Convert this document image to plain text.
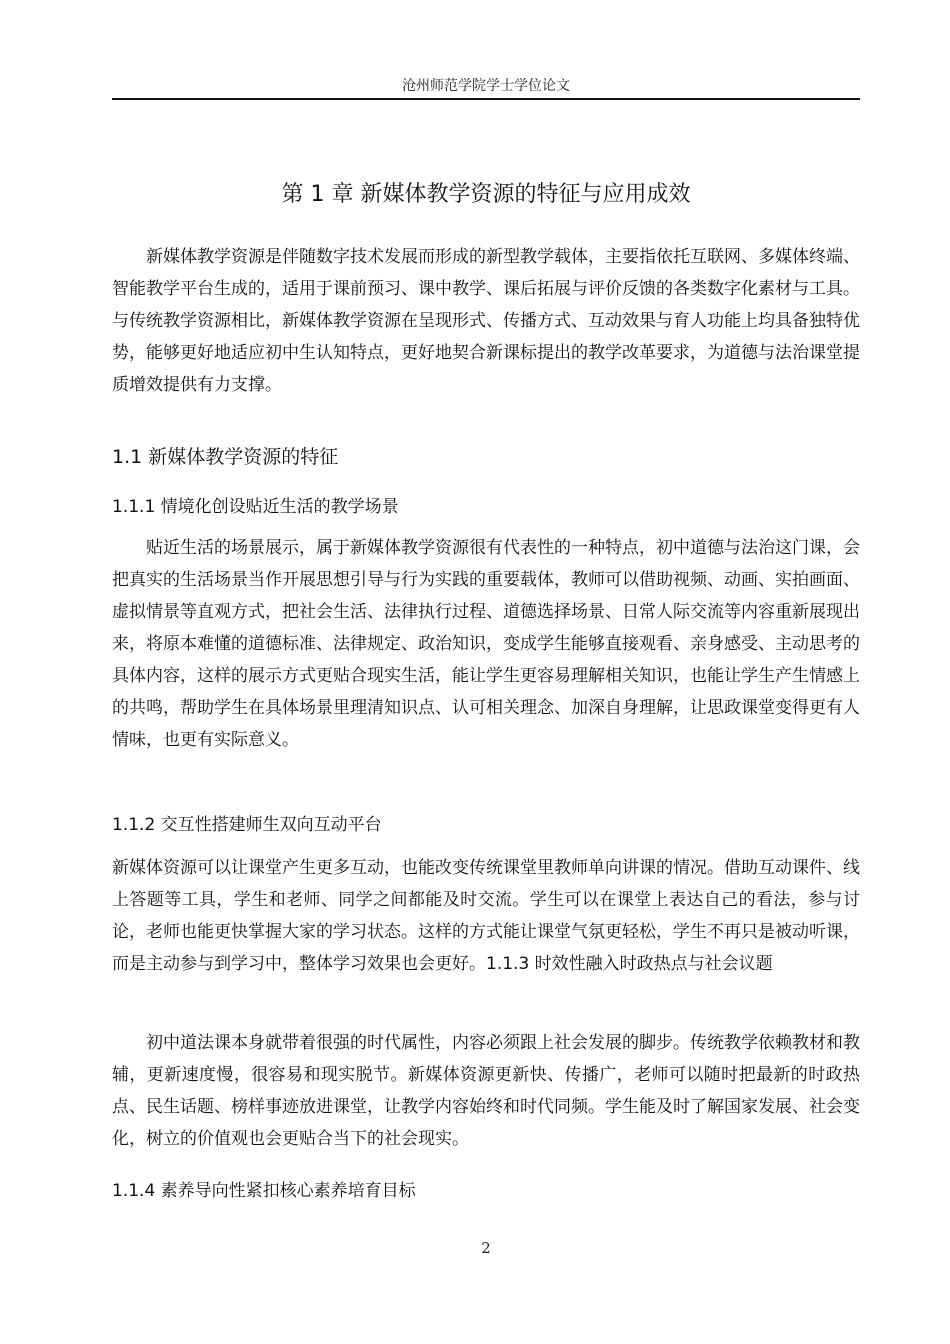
沧州师范学院学士学位论文
第 1 章 新媒体教学资源的特征与应用成效

新媒体教学资源是伴随数字技术发展而形成的新型教学载体，主要指依托互联网、多媒体终端、智能教学平台生成的，适用于课前预习、课中教学、课后拓展与评价反馈的各类数字化素材与工具。与传统教学资源相比，新媒体教学资源在呈现形式、传播方式、互动效果与育人功能上均具备独特优势，能够更好地适应初中生认知特点，更好地契合新课标提出的教学改革要求，为道德与法治课堂提质增效提供有力支撑。

1.1 新媒体教学资源的特征
1.1.1 情境化创设贴近生活的教学场景

贴近生活的场景展示，属于新媒体教学资源很有代表性的一种特点，初中道德与法治这门课，会把真实的生活场景当作开展思想引导与行为实践的重要载体，教师可以借助视频、动画、实拍画面、虚拟情景等直观方式，把社会生活、法律执行过程、道德选择场景、日常人际交流等内容重新展现出来，将原本难懂的道德标准、法律规定、政治知识，变成学生能够直接观看、亲身感受、主动思考的具体内容，这样的展示方式更贴合现实生活，能让学生更容易理解相关知识，也能让学生产生情感上的共鸣，帮助学生在具体场景里理清知识点、认可相关理念、加深自身理解，让思政课堂变得更有人情味，也更有实际意义。

1.1.2 交互性搭建师生双向互动平台

新媒体资源可以让课堂产生更多互动，也能改变传统课堂里教师单向讲课的情况。借助互动课件、线上答题等工具，学生和老师、同学之间都能及时交流。学生可以在课堂上表达自己的看法，参与讨论，老师也能更快掌握大家的学习状态。这样的方式能让课堂气氛更轻松，学生不再只是被动听课，而是主动参与到学习中，整体学习效果也会更好。1.1.3 时效性融入时政热点与社会议题

初中道法课本身就带着很强的时代属性，内容必须跟上社会发展的脚步。传统教学依赖教材和教辅，更新速度慢，很容易和现实脱节。新媒体资源更新快、传播广，老师可以随时把最新的时政热点、民生话题、榜样事迹放进课堂，让教学内容始终和时代同频。学生能及时了解国家发展、社会变化，树立的价值观也会更贴合当下的社会现实。

1.1.4 素养导向性紧扣核心素养培育目标
2
